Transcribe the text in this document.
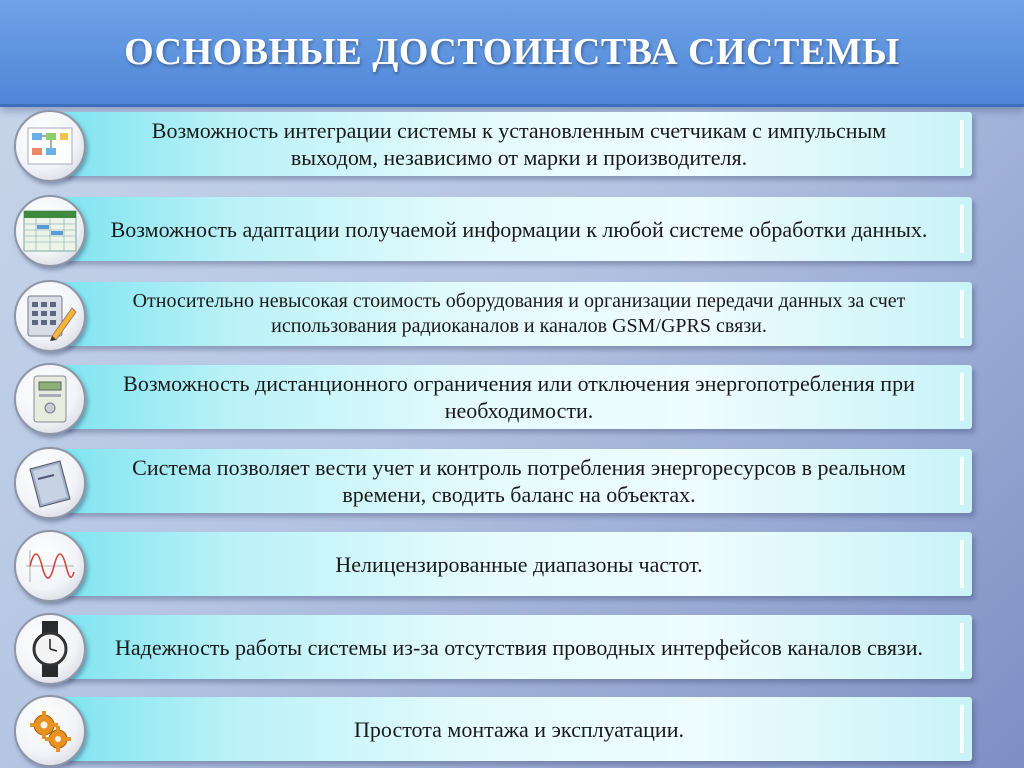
ОСНОВНЫЕ ДОСТОИНСТВА СИСТЕМЫ
Возможность интеграции системы к установленным счетчикам с импульсным выходом, независимо от марки и производителя.
Возможность адаптации получаемой информации к любой системе обработки данных.
Относительно невысокая стоимость оборудования и организации передачи данных за счет использования радиоканалов и каналов GSM/GPRS связи.
Возможность дистанционного ограничения или отключения энергопотребления при необходимости.
Система позволяет вести учет и контроль потребления энергоресурсов в реальном времени, сводить баланс на объектах.
Нелицензированные диапазоны частот.
Надежность работы системы из-за отсутствия проводных интерфейсов каналов связи.
Простота монтажа и эксплуатации.
